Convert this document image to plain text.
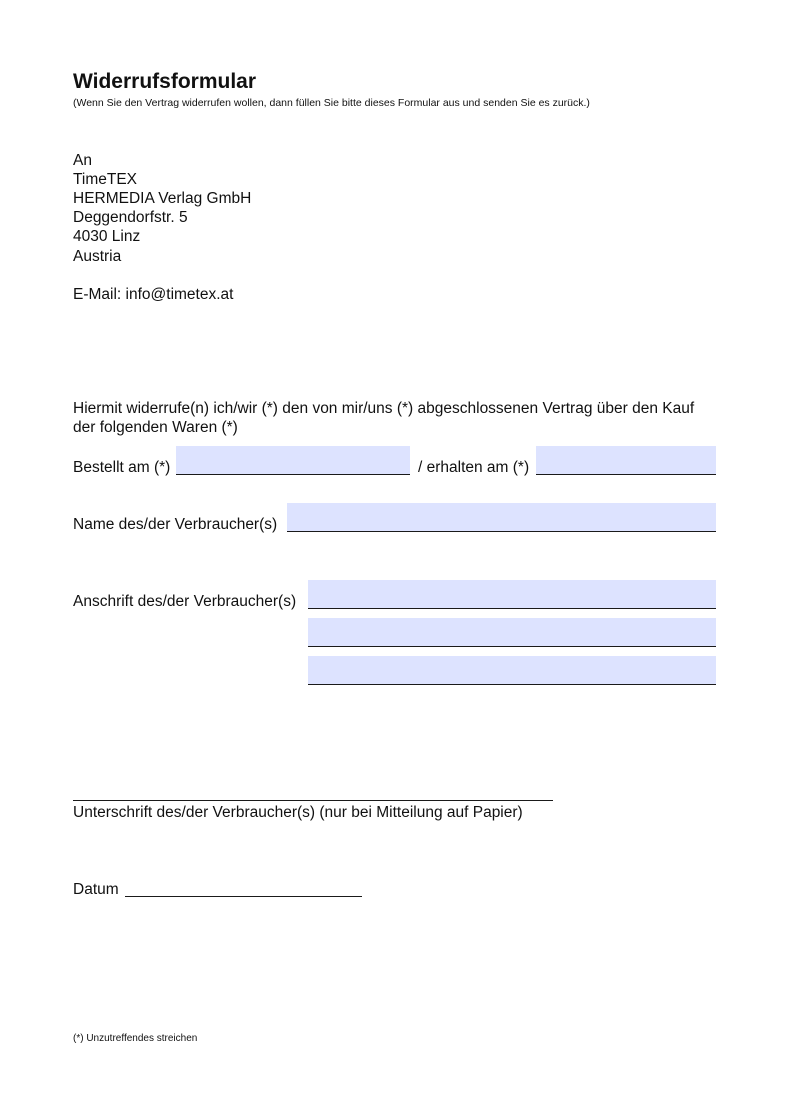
Widerrufsformular
(Wenn Sie den Vertrag widerrufen wollen, dann füllen Sie bitte dieses Formular aus und senden Sie es zurück.)
An
TimeTEX
HERMEDIA Verlag GmbH
Deggendorfstr. 5
4030 Linz
Austria
E-Mail: info@timetex.at
Hiermit widerrufe(n) ich/wir (*) den von mir/uns (*) abgeschlossenen Vertrag über den Kauf
der folgenden Waren (*)
Bestellt am (*)	/ erhalten am (*)
Name des/der Verbraucher(s)
Anschrift des/der Verbraucher(s)
Unterschrift des/der Verbraucher(s) (nur bei Mitteilung auf Papier)
Datum
(*) Unzutreffendes streichen
